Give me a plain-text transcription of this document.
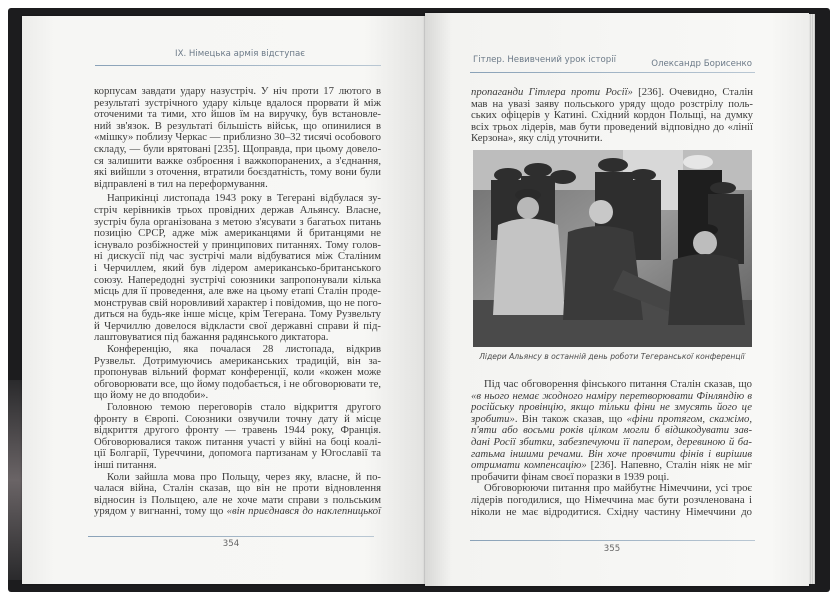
IX. Німецька армія відступає
корпусам завдати удару назустріч. У ніч проти 17 лютого в
результаті зустрічного удару кільце вдалося прорвати й між
оточеними та тими, хто йшов їм на виручку, був встановле-
ний зв'язок. В результаті більшість військ, що опинилися в
«мішку» поблизу Черкас — приблизно 30–32 тисячі особового
складу, — були врятовані [235]. Щоправда, при цьому довело-
ся залишити важке озброєння і важкопоранених, а з'єднання,
які вийшли з оточення, втратили боєздатність, тому вони були
відправлені в тил на переформування.
Наприкінці листопада 1943 року в Тегерані відбулася зу-
стріч керівників трьох провідних держав Альянсу. Власне,
зустріч була організована з метою з'ясувати з багатьох питань
позицію СРСР, адже між американцями й британцями не
існувало розбіжностей у принципових питаннях. Тому голов-
ні дискусії під час зустрічі мали відбуватися між Сталіним
і Черчиллем, який був лідером американсько-британського
союзу. Напередодні зустрічі союзники запропонували кілька
місць для її проведення, але вже на цьому етапі Сталін проде-
монстрував свій норовливий характер і повідомив, що не пого-
диться на будь-яке інше місце, крім Тегерана. Тому Рузвельту
й Черчиллю довелося відкласти свої державні справи й під-
лаштовуватися під бажання радянського диктатора.
Конференцію, яка почалася 28 листопада, відкрив
Рузвельт. Дотримуючись американських традицій, він за-
пропонував вільний формат конференції, коли «кожен може
обговорювати все, що йому подобається, і не обговорювати те,
що йому не до вподоби».
Головною темою переговорів стало відкриття другого
фронту в Європі. Союзники озвучили точну дату й місце
відкриття другого фронту — травень 1944 року, Франція.
Обговорювалися також питання участі у війні на боці коалі-
ції Болгарії, Туреччини, допомога партизанам у Югославії та
інші питання.
Коли зайшла мова про Польщу, через яку, власне, й по-
чалася війна, Сталін сказав, що він не проти відновлення
відносин із Польщею, але не хоче мати справи з польським
урядом у вигнанні, тому що «він приєднався до наклепницької
354
Гітлер. Невивчений урок історії	Олександр Борисенко
пропаганди Гітлера проти Росії» [236]. Очевидно, Сталін
мав на увазі заяву польського уряду щодо розстрілу поль-
ських офіцерів у Катині. Східний кордон Польщі, на думку
всіх трьох лідерів, мав бути проведений відповідно до «лінії
Керзона», яку слід уточнити.
Лідери Альянсу в останній день роботи Тегеранської конференції
Під час обговорення фінського питання Сталін сказав, що
«в нього немає жодного наміру перетворювати Фінляндію в
російську провінцію, якщо тільки фіни не змусять його це
зробити». Він також сказав, що «фіни протягом, скажімо,
п'яти або восьми років цілком могли б відшкодувати зав-
дані Росії збитки, забезпечуючи її папером, деревиною й ба-
гатьма іншими речами. Він хоче провчити фінів і вирішив
отримати компенсацію» [236]. Напевно, Сталін ніяк не міг
пробачити фінам своєї поразки в 1939 році.
Обговорюючи питання про майбутнє Німеччини, усі троє
лідерів погодилися, що Німеччина має бути розчленована і
ніколи не має відродитися. Східну частину Німеччини до
355
